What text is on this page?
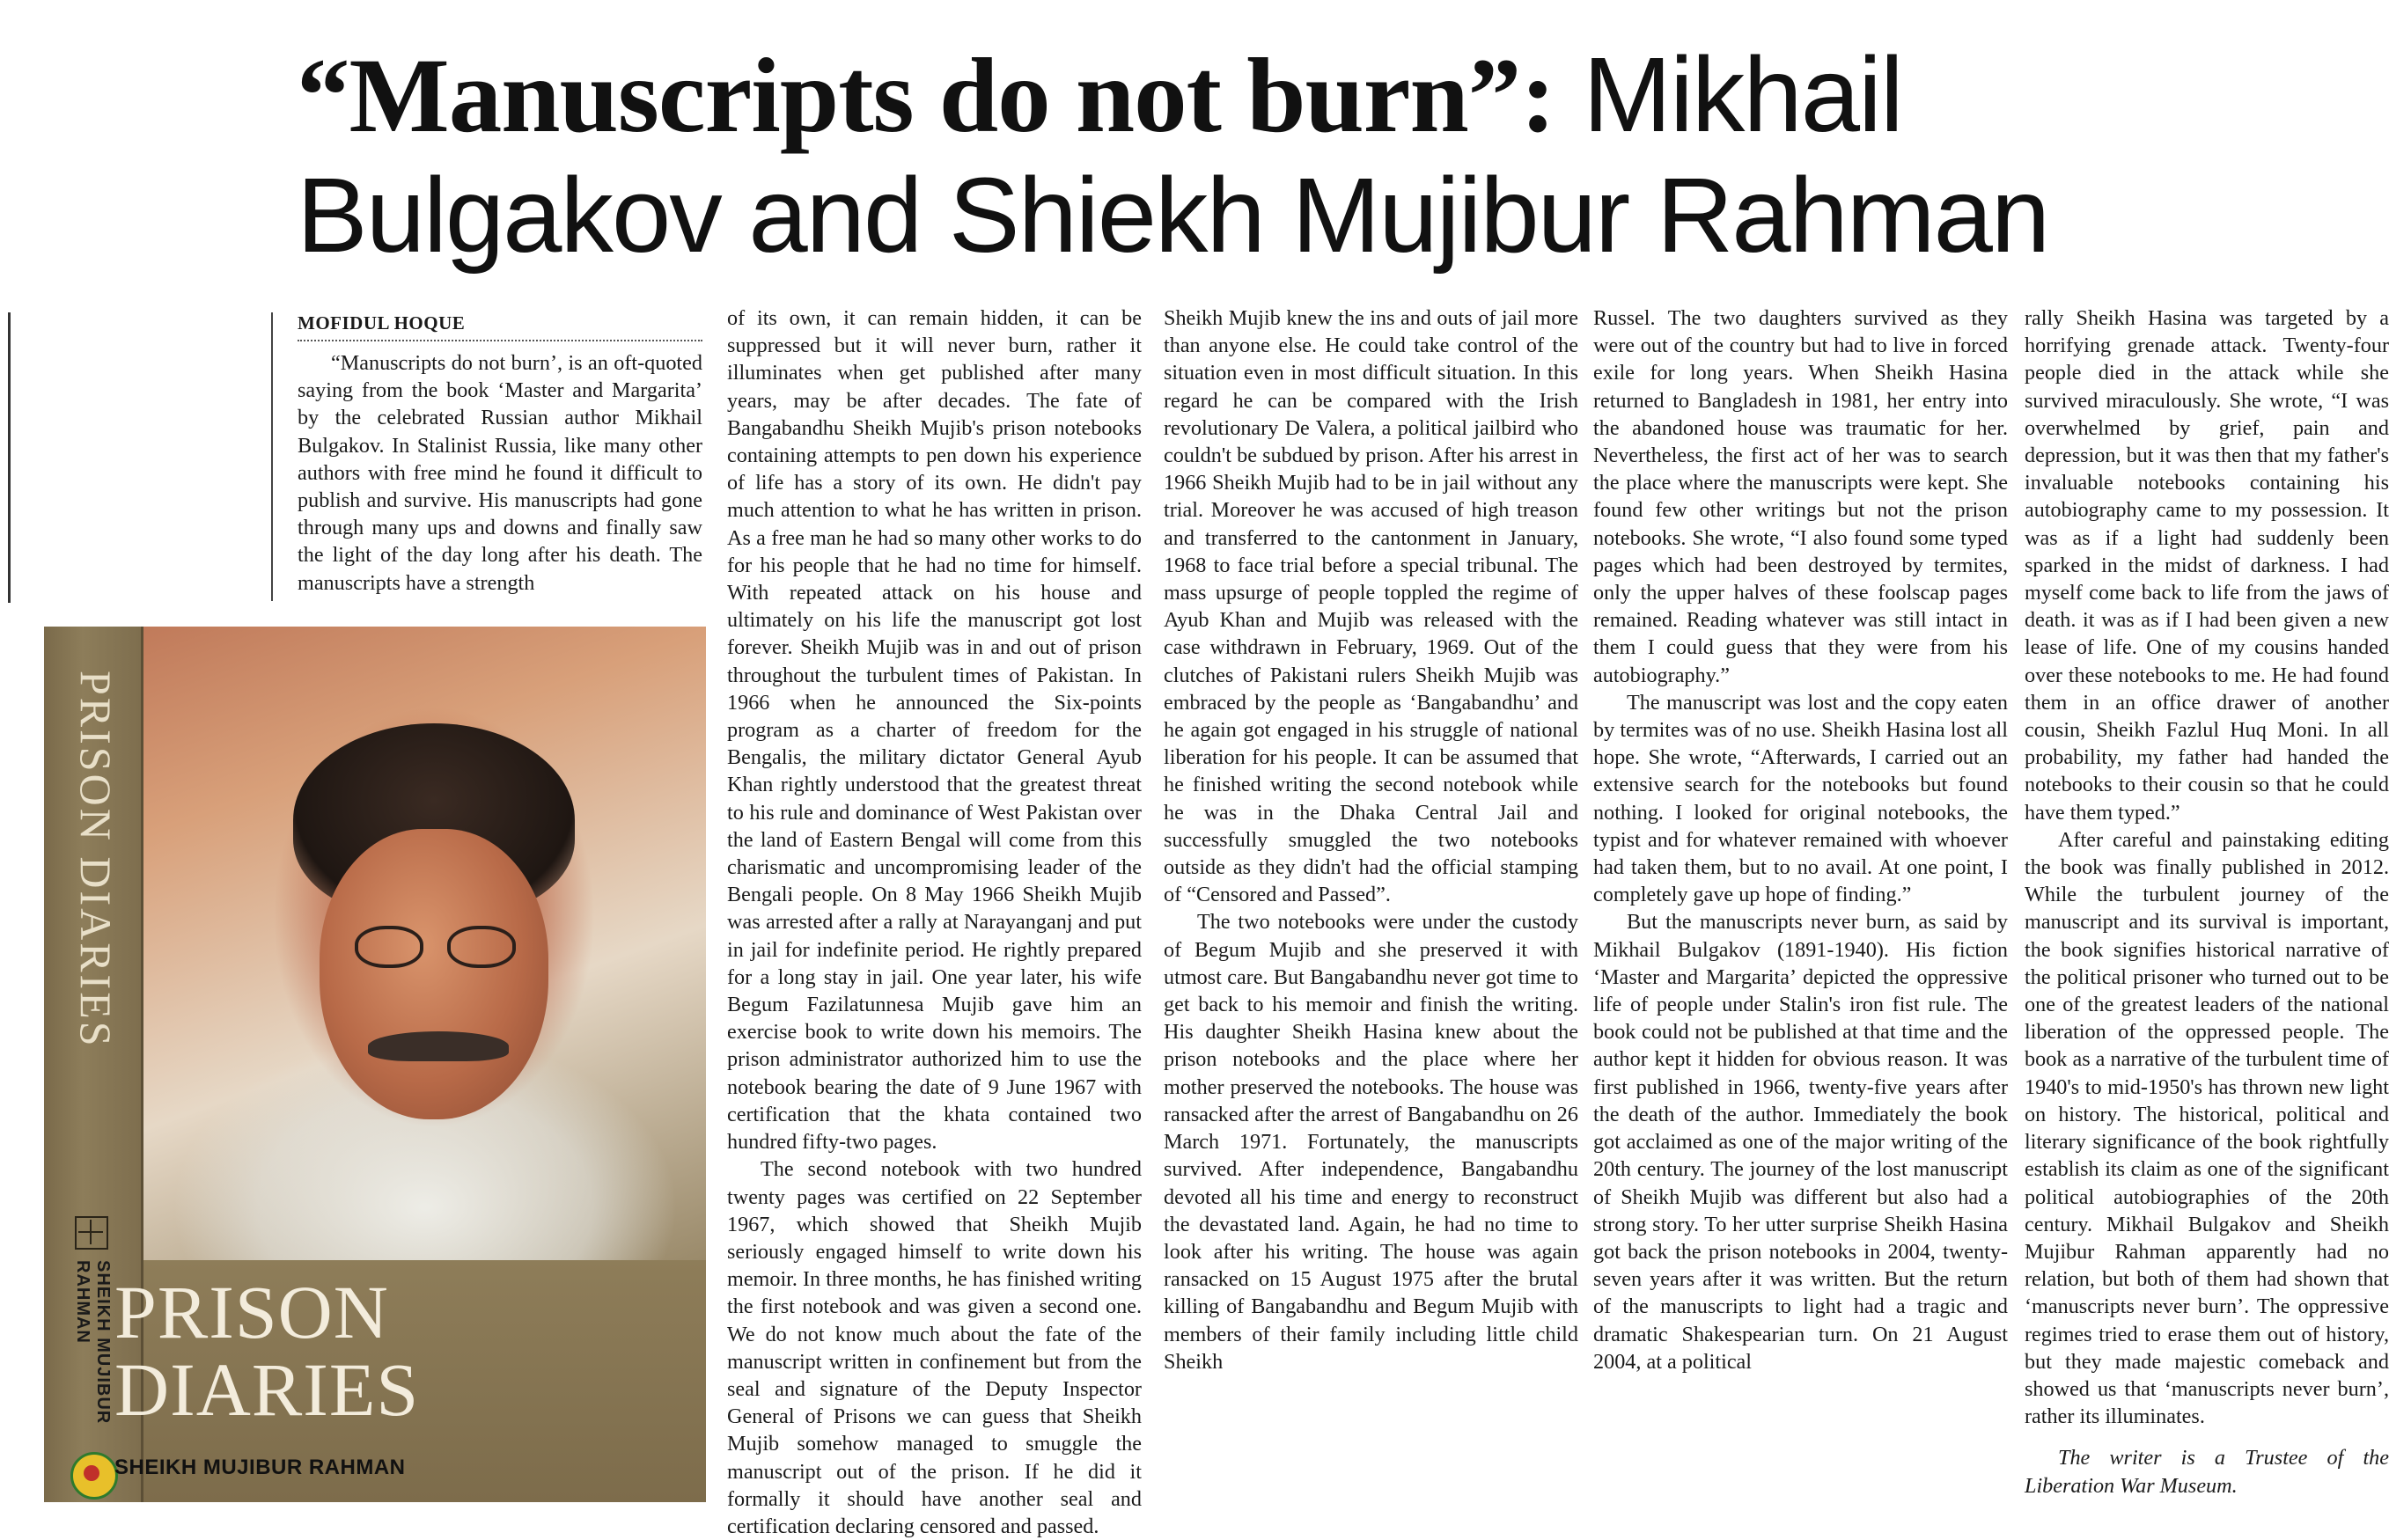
“Manuscripts do not burn”: Mikhail
Bulgakov and Shiekh Mujibur Rahman
MOFIDUL HOQUE

“Manuscripts do not burn’, is an oft-quoted saying from the book ‘Master and Margarita’ by the celebrated Russian author Mikhail Bulgakov. In Stalinist Russia, like many other authors with free mind he found it difficult to publish and survive. His manuscripts had gone through many ups and downs and finally saw the light of the day long after his death. The manuscripts have a strength

PRISON DIARIES
SHEIKH MUJIBUR RAHMAN PRISON
DIARIES
SHEIKH MUJIBUR RAHMAN

of its own, it can remain hidden, it can be suppressed but it will never burn, rather it illuminates when get published after many years, may be after decades. The fate of Bangabandhu Sheikh Mujib's prison notebooks containing attempts to pen down his experience of life has a story of its own. He didn't pay much attention to what he has written in prison. As a free man he had so many other works to do for his people that he had no time for himself. With repeated attack on his house and ultimately on his life the manuscript got lost forever. Sheikh Mujib was in and out of prison throughout the turbulent times of Pakistan. In 1966 when he announced the Six-points program as a charter of freedom for the Bengalis, the military dictator General Ayub Khan rightly understood that the greatest threat to his rule and dominance of West Pakistan over the land of Eastern Bengal will come from this charismatic and uncompromising leader of the Bengali people. On 8 May 1966 Sheikh Mujib was arrested after a rally at Narayanganj and put in jail for indefinite period. He rightly prepared for a long stay in jail. One year later, his wife Begum Fazilatunnesa Mujib gave him an exercise book to write down his memoirs. The prison administrator authorized him to use the notebook bearing the date of 9 June 1967 with certification that the khata contained two hundred fifty-two pages.

The second notebook with two hundred twenty pages was certified on 22 September 1967, which showed that Sheikh Mujib seriously engaged himself to write down his memoir. In three months, he has finished writing the first notebook and was given a second one. We do not know much about the fate of the manuscript written in confinement but from the seal and signature of the Deputy Inspector General of Prisons we can guess that Sheikh Mujib somehow managed to smuggle the manuscript out of the prison. If he did it formally it should have another seal and certification declaring censored and passed.

Sheikh Mujib knew the ins and outs of jail more than anyone else. He could take control of the situation even in most difficult situation. In this regard he can be compared with the Irish revolutionary De Valera, a political jailbird who couldn't be subdued by prison. After his arrest in 1966 Sheikh Mujib had to be in jail without any trial. Moreover he was accused of high treason and transferred to the cantonment in January, 1968 to face trial before a special tribunal. The mass upsurge of people toppled the regime of Ayub Khan and Mujib was released with the case withdrawn in February, 1969. Out of the clutches of Pakistani rulers Sheikh Mujib was embraced by the people as ‘Bangabandhu’ and he again got engaged in his struggle of national liberation for his people. It can be assumed that he finished writing the second notebook while he was in the Dhaka Central Jail and successfully smuggled the two notebooks outside as they didn't had the official stamping of “Censored and Passed”.

The two notebooks were under the custody of Begum Mujib and she preserved it with utmost care. But Bangabandhu never got time to get back to his memoir and finish the writing. His daughter Sheikh Hasina knew about the prison notebooks and the place where her mother preserved the notebooks. The house was ransacked after the arrest of Bangabandhu on 26 March 1971. Fortunately, the manuscripts survived. After independence, Bangabandhu devoted all his time and energy to reconstruct the devastated land. Again, he had no time to look after his writing. The house was again ransacked on 15 August 1975 after the brutal killing of Bangabandhu and Begum Mujib with members of their family including little child Sheikh

Russel. The two daughters survived as they were out of the country but had to live in forced exile for long years. When Sheikh Hasina returned to Bangladesh in 1981, her entry into the abandoned house was traumatic for her. Nevertheless, the first act of her was to search the place where the manuscripts were kept. She found few other writings but not the prison notebooks. She wrote, “I also found some typed pages which had been destroyed by termites, only the upper halves of these foolscap pages remained. Reading whatever was still intact in them I could guess that they were from his autobiography.”

The manuscript was lost and the copy eaten by termites was of no use. Sheikh Hasina lost all hope. She wrote, “Afterwards, I carried out an extensive search for the notebooks but found nothing. I looked for original notebooks, the typist and for whatever remained with whoever had taken them, but to no avail. At one point, I completely gave up hope of finding.”

But the manuscripts never burn, as said by Mikhail Bulgakov (1891-1940). His fiction ‘Master and Margarita’ depicted the oppressive life of people under Stalin's iron fist rule. The book could not be published at that time and the author kept it hidden for obvious reason. It was first published in 1966, twenty-five years after the death of the author. Immediately the book got acclaimed as one of the major writing of the 20th century. The journey of the lost manuscript of Sheikh Mujib was different but also had a strong story. To her utter surprise Sheikh Hasina got back the prison notebooks in 2004, twenty-seven years after it was written. But the return of the manuscripts to light had a tragic and dramatic Shakespearian turn. On 21 August 2004, at a political

rally Sheikh Hasina was targeted by a horrifying grenade attack. Twenty-four people died in the attack while she survived miraculously. She wrote, “I was overwhelmed by grief, pain and depression, but it was then that my father's invaluable notebooks containing his autobiography came to my possession. It was as if a light had suddenly been sparked in the midst of darkness. I had myself come back to life from the jaws of death. it was as if I had been given a new lease of life. One of my cousins handed over these notebooks to me. He had found them in an office drawer of another cousin, Sheikh Fazlul Huq Moni. In all probability, my father had handed the notebooks to their cousin so that he could have them typed.”

After careful and painstaking editing the book was finally published in 2012. While the turbulent journey of the manuscript and its survival is important, the book signifies historical narrative of the political prisoner who turned out to be one of the greatest leaders of the national liberation of the oppressed people. The book as a narrative of the turbulent time of 1940's to mid-1950's has thrown new light on history. The historical, political and literary significance of the book rightfully establish its claim as one of the significant political autobiographies of the 20th century. Mikhail Bulgakov and Sheikh Mujibur Rahman apparently had no relation, but both of them had shown that ‘manuscripts never burn’. The oppressive regimes tried to erase them out of history, but they made majestic comeback and showed us that ‘manuscripts never burn’, rather its illuminates.

The writer is a Trustee of the Liberation War Museum.
